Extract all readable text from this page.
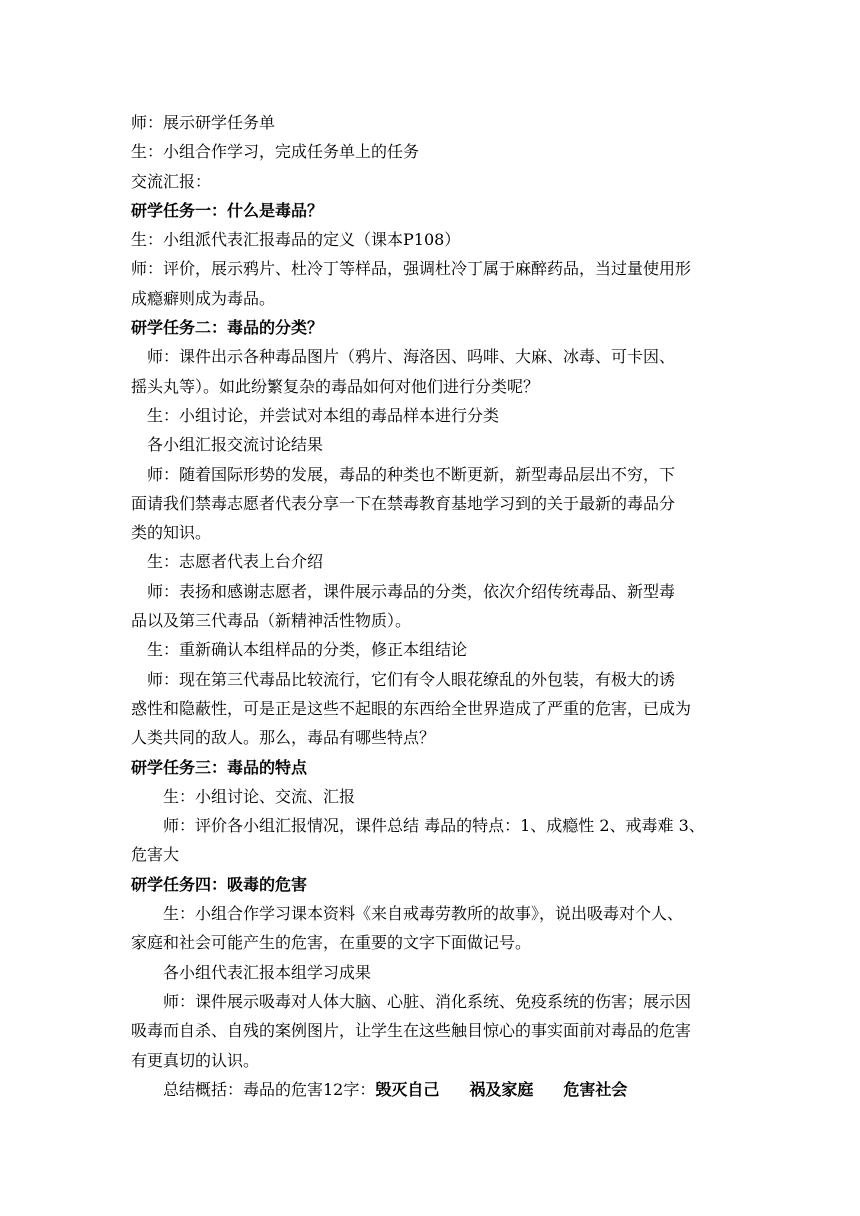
师：展示研学任务单

生：小组合作学习，完成任务单上的任务

交流汇报：

研学任务一：什么是毒品？

生：小组派代表汇报毒品的定义（课本P108）

师：评价，展示鸦片、杜冷丁等样品，强调杜冷丁属于麻醉药品，当过量使用形

成瘾癖则成为毒品。

研学任务二：毒品的分类？

师：课件出示各种毒品图片（鸦片、海洛因、吗啡、大麻、冰毒、可卡因、

摇头丸等）。如此纷繁复杂的毒品如何对他们进行分类呢？

生：小组讨论，并尝试对本组的毒品样本进行分类

各小组汇报交流讨论结果

师：随着国际形势的发展，毒品的种类也不断更新，新型毒品层出不穷，下

面请我们禁毒志愿者代表分享一下在禁毒教育基地学习到的关于最新的毒品分

类的知识。

生：志愿者代表上台介绍

师：表扬和感谢志愿者，课件展示毒品的分类，依次介绍传统毒品、新型毒

品以及第三代毒品（新精神活性物质）。

生：重新确认本组样品的分类，修正本组结论

师：现在第三代毒品比较流行，它们有令人眼花缭乱的外包装，有极大的诱

惑性和隐蔽性，可是正是这些不起眼的东西给全世界造成了严重的危害，已成为

人类共同的敌人。那么，毒品有哪些特点？

研学任务三：毒品的特点

生：小组讨论、交流、汇报

师：评价各小组汇报情况，课件总结 毒品的特点：1、成瘾性 2、戒毒难 3、

危害大

研学任务四：吸毒的危害

生：小组合作学习课本资料《来自戒毒劳教所的故事》，说出吸毒对个人、

家庭和社会可能产生的危害，在重要的文字下面做记号。

各小组代表汇报本组学习成果

师：课件展示吸毒对人体大脑、心脏、消化系统、免疫系统的伤害；展示因

吸毒而自杀、自残的案例图片，让学生在这些触目惊心的事实面前对毒品的危害

有更真切的认识。

总结概括：毒品的危害12字：毁灭自己 祸及家庭 危害社会
